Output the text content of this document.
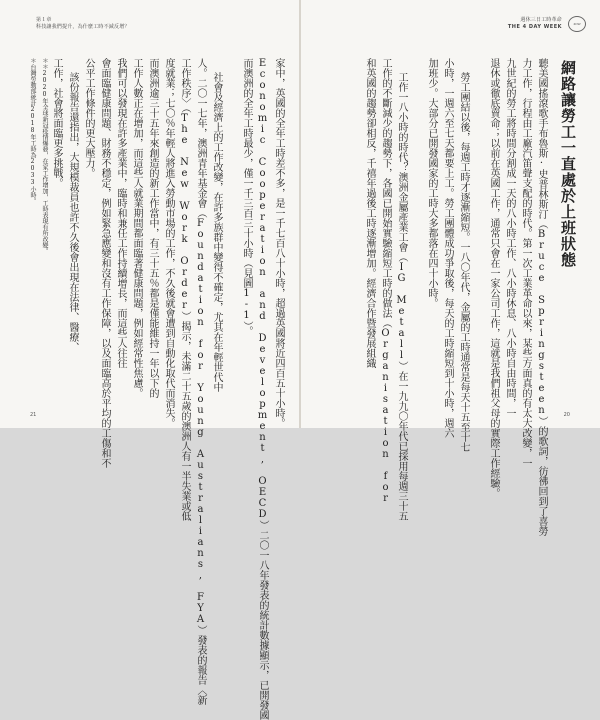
第１章
科技讓我們提升，為什麼工時不減反增？
＊台灣勞動部統計2018年工時為2033小時。 ＊＊2020年全球新冠疫情爆發，在家工作增加，工時表現有所改變。	家中，英國的全年工時差不多，是一千七百八十小時，超過英國將近四百五十小時。
Economic Cooperation and Development, OECD）二〇一八年發表的統計數據顯示，已開發國
而澳洲的全年工時最少，僅一千三百三十小時（見圖1-1）。
社會及經濟上的工作改變，在許多族群中變得不確定，尤其在年輕世代中
人。二〇一七年，澳洲青年基金會（Foundation for Young Australians, FYA）發表的報告〈新
工作秩序〉（The New Work Order）揭示，未滿二十五歲的澳洲人有一半失業或低
度就業；七〇％年輕人將進入勞動市場的工作，不久後就會遭到自動化取代而消失。
而澳洲逾三十五年來創造的新工作當中，有三十五％都是僅能維持一年以下的
工作人數正在增加，而這些人就業期間都面臨著健康問題，例如經常性焦慮。
我們可以發現在許多產業中，臨時和兼任工作持續增長，而這些人往往
會面臨健康問題、財務不穩定，例如緊急應變和沒有工作保障，以及面臨高於平均的工傷和不
公平工作條件的更大壓力。
該份報告還指出，大規模裁員也許不久後會出現在法律、醫療、
工作，社會將面臨更多挑戰。
21
週休三日工時革命
THE 4 DAY WEEK	4DW
網路讓勞工一直處於上班狀態
聽美國搖滾歌手布魯斯·史普林斯汀（Bruce Springsteen）的歌詞，彷彿回到了喜勞
力工作，行程由工廠汽笛聲支配的時代。第一次工業革命以來，某些方面真的有太大改變，一
九世紀的勞工將時間分割成一天的八小時工作、八小時休息、八小時自由時間，一
退休或徹底賣命；以前在英國工作，通常只會在一家公司工作，這就是我們祖父母的實際工作經驗。
勞工團結以後，每週工時才逐漸縮短。一八〇年代，金屬的工時通常是每天十五至十七
小時，一週六至七天都要上工。勞工團體成功爭取後，每天的工時縮短到十小時，週六
加班少。大部分已開發國家的工時大多都落在四十小時。
工作一八小時的時代？澳洲金屬產業工會（IG Metall）在一九九〇年代已採用每週三十五
工作的不斷減少的趨勢下，各國已開始實驗縮短工時的做法（Organisation for
和英國的趨勢卻相反，千禧年過後工時逐漸增加。經濟合作暨發展組織
20
